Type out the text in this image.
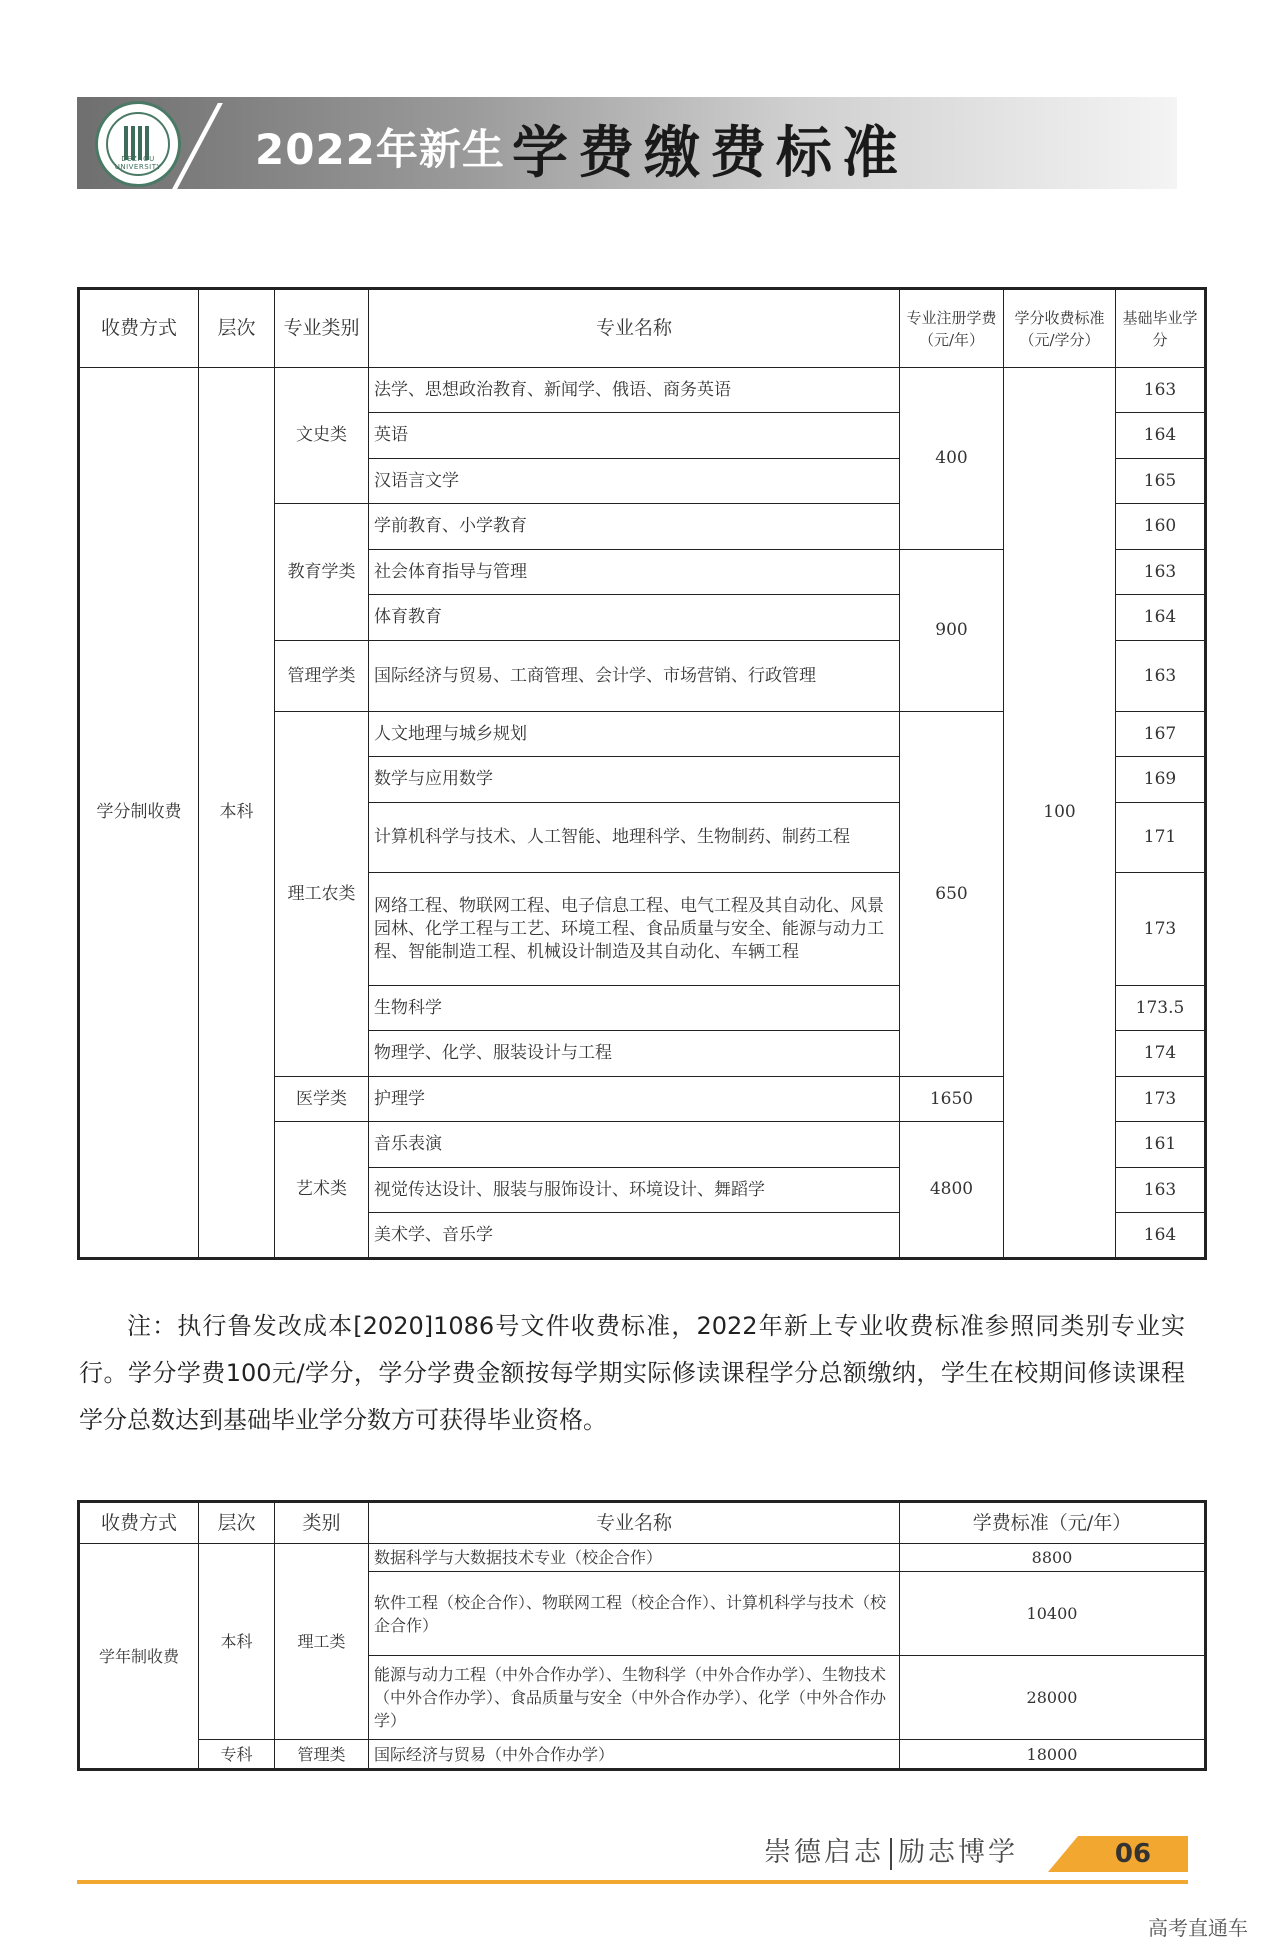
DEZHOU UNIVERSITY	2022年新生 学费缴费标准
收费方式	层次	专业类别	专业名称	专业注册学费（元/年）	学分收费标准（元/学分）	基础毕业学分
学分制收费	本科	文史类	法学、思想政治教育、新闻学、俄语、商务英语	400	100	163
			英语			164
			汉语言文学			165
		教育学类	学前教育、小学教育			160
			社会体育指导与管理	900		163
			体育教育			164
		管理学类	国际经济与贸易、工商管理、会计学、市场营销、行政管理			163
		理工农类	人文地理与城乡规划	650		167
			数学与应用数学			169
			计算机科学与技术、人工智能、地理科学、生物制药、制药工程			171
			网络工程、物联网工程、电子信息工程、电气工程及其自动化、风景园林、化学工程与工艺、环境工程、食品质量与安全、能源与动力工程、智能制造工程、机械设计制造及其自动化、车辆工程			173
			生物科学			173.5
			物理学、化学、服装设计与工程			174
		医学类	护理学	1650		173
		艺术类	音乐表演	4800		161
			视觉传达设计、服装与服饰设计、环境设计、舞蹈学			163
			美术学、音乐学			164
注：执行鲁发改成本[2020]1086号文件收费标准，2022年新上专业收费标准参照同类别专业实行。学分学费100元/学分，学分学费金额按每学期实际修读课程学分总额缴纳，学生在校期间修读课程学分总数达到基础毕业学分数方可获得毕业资格。
收费方式	层次	类别	专业名称	学费标准（元/年）
学年制收费	本科	理工类	数据科学与大数据技术专业（校企合作）	8800
			软件工程（校企合作）、物联网工程（校企合作）、计算机科学与技术（校企合作）	10400
			能源与动力工程（中外合作办学）、生物科学（中外合作办学）、生物技术（中外合作办学）、食品质量与安全（中外合作办学）、化学（中外合作办学）	28000
	专科	管理类	国际经济与贸易（中外合作办学）	18000
崇德启志 励志博学	06
高考直通车
